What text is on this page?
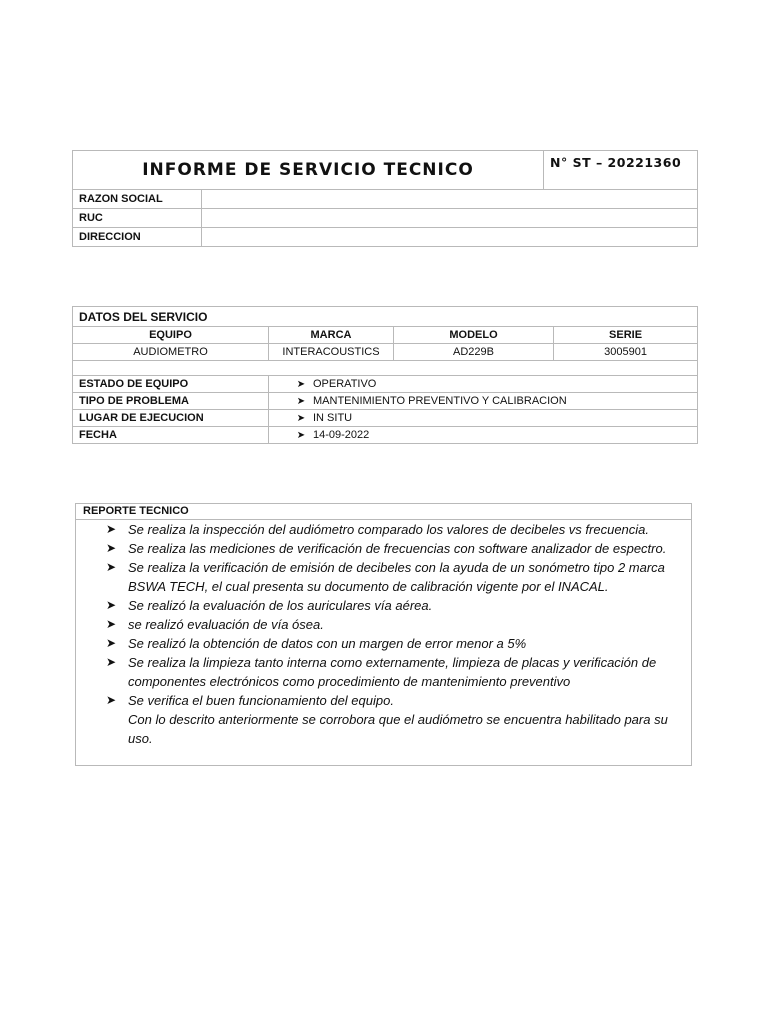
INFORME DE SERVICIO TECNICO		N° ST – 20221360
RAZON SOCIAL		
RUC		
DIRECCION		
DATOS DEL SERVICIO			
EQUIPO	MARCA	MODELO	SERIE
AUDIOMETRO	INTERACOUSTICS	AD229B	3005901

ESTADO DE EQUIPO	➤ OPERATIVO		
TIPO DE PROBLEMA	➤ MANTENIMIENTO PREVENTIVO Y CALIBRACION		
LUGAR DE EJECUCION	➤ IN SITU		
FECHA	➤ 14-09-2022		
REPORTE TECNICO
➤ Se realiza la inspección del audiómetro comparado los valores de decibeles vs frecuencia.
➤ Se realiza las mediciones de verificación de frecuencias con software analizador de espectro.
➤ Se realiza la verificación de emisión de decibeles con la ayuda de un sonómetro tipo 2 marca BSWA TECH, el cual presenta su documento de calibración vigente por el INACAL.
➤ Se realizó la evaluación de los auriculares vía aérea.
➤ se realizó evaluación de vía ósea.
➤ Se realizó la obtención de datos con un margen de error menor a 5%
➤ Se realiza la limpieza tanto interna como externamente, limpieza de placas y verificación de componentes electrónicos como procedimiento de mantenimiento preventivo
➤ Se verifica el buen funcionamiento del equipo.
Con lo descrito anteriormente se corrobora que el audiómetro se encuentra habilitado para su uso.
